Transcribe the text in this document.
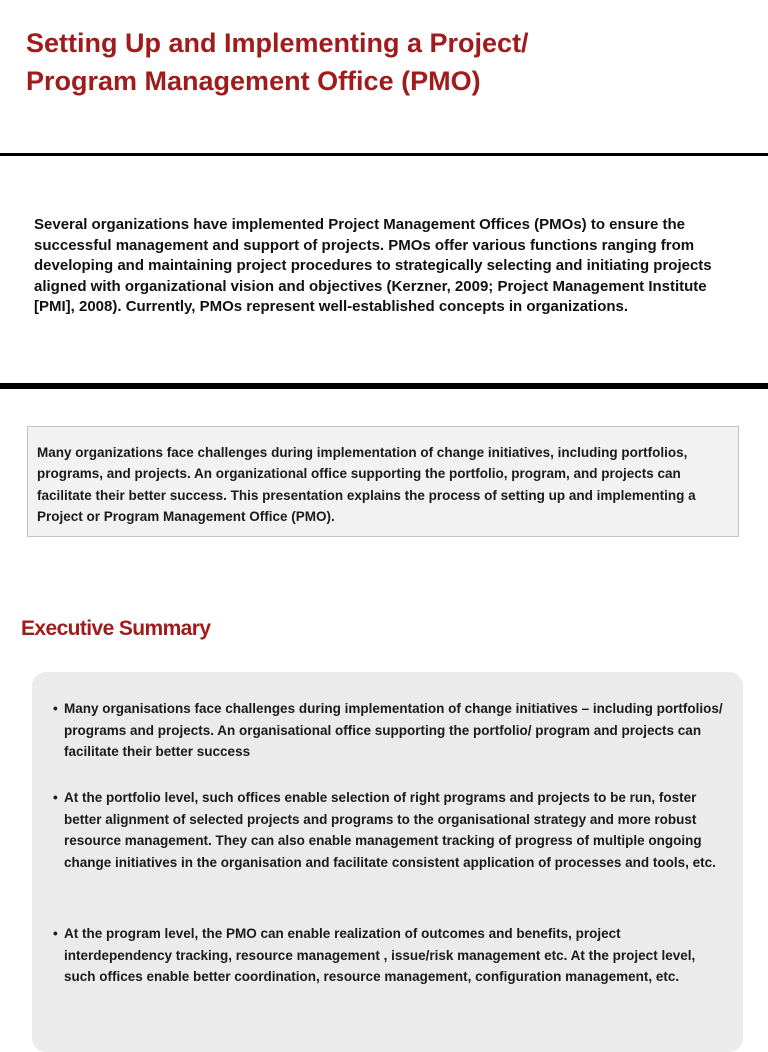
Setting Up and Implementing a Project/
Program Management Office (PMO)

Several organizations have implemented Project Management Offices (PMOs) to ensure the successful management and support of projects. PMOs offer various functions ranging from developing and maintaining project procedures to strategically selecting and initiating projects aligned with organizational vision and objectives (Kerzner, 2009; Project Management Institute [PMI], 2008). Currently, PMOs represent well-established concepts in organizations.

Many organizations face challenges during implementation of change initiatives, including portfolios, programs, and projects. An organizational office supporting the portfolio, program, and projects can facilitate their better success. This presentation explains the process of setting up and implementing a Project or Program Management Office (PMO).

Executive Summary
• Many organisations face challenges during implementation of change initiatives – including portfolios/ programs and projects. An organisational office supporting the portfolio/ program and projects can facilitate their better success

• At the portfolio level, such offices enable selection of right programs and projects to be run, foster better alignment of selected projects and programs to the organisational strategy and more robust resource management. They can also enable management tracking of progress of multiple ongoing change initiatives in the organisation and facilitate consistent application of processes and tools, etc.

• At the program level, the PMO can enable realization of outcomes and benefits, project interdependency tracking, resource management , issue/risk management etc. At the project level, such offices enable better coordination, resource management, configuration management, etc.
